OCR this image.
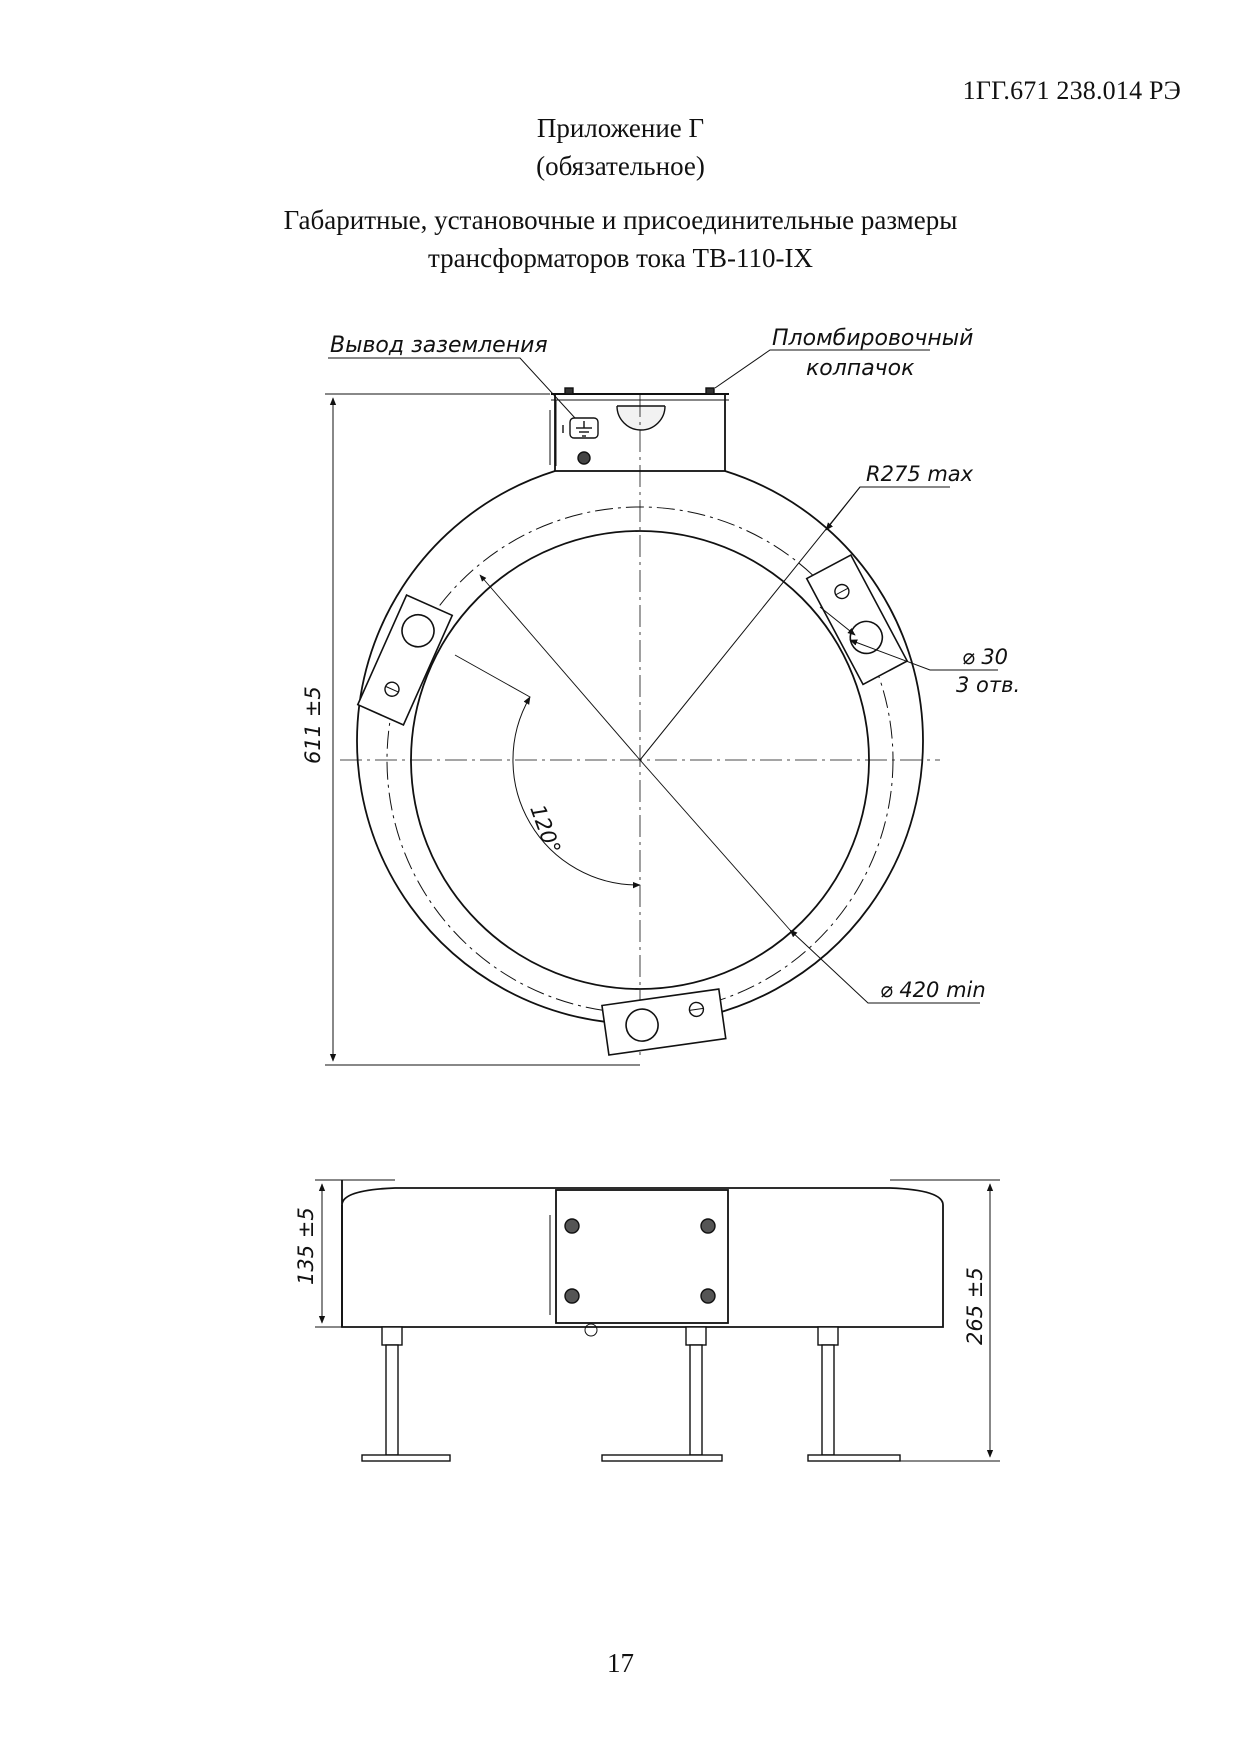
1ГГ.671 238.014 РЭ
Приложение Г
(обязательное)
Габаритные, установочные и присоединительные размеры
трансформаторов тока ТВ-110-IX
Вывод заземления	Пломбировочный
колпачок
R275 max
⌀ 30
3 отв.
⌀ 420 min
611 ±5
120°
135 ±5
265 ±5
17
